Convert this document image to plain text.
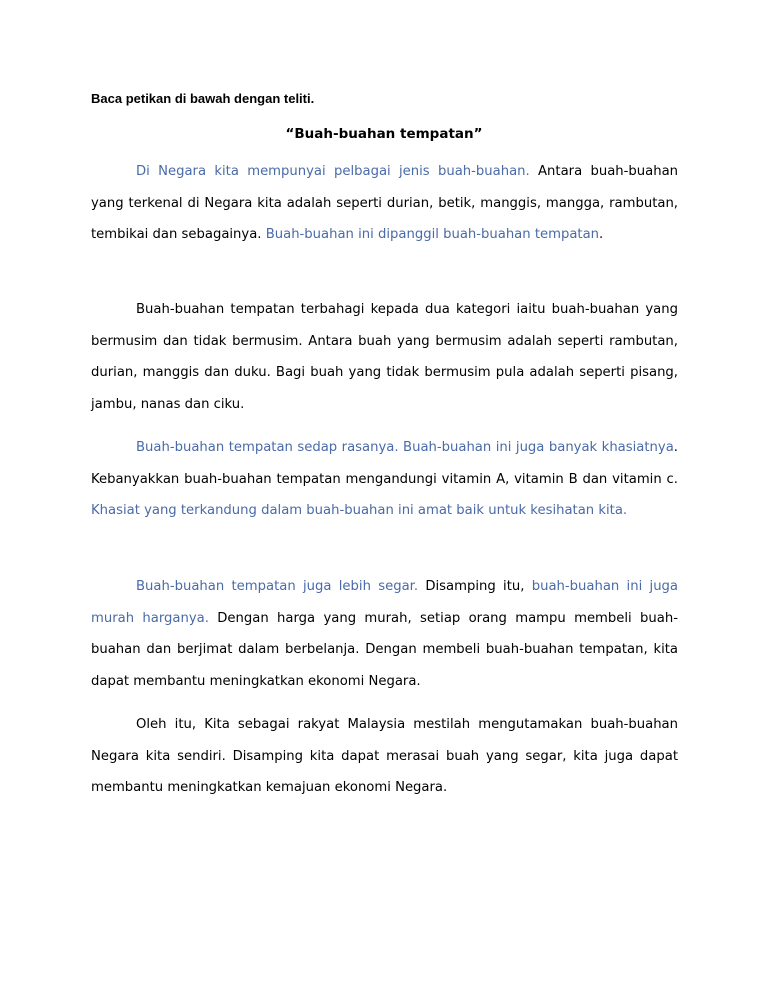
Baca petikan di bawah dengan teliti.
“Buah-buahan tempatan”

Di Negara kita mempunyai pelbagai jenis buah-buahan. Antara buah-buahan yang terkenal di Negara kita adalah seperti durian, betik, manggis, mangga, rambutan, tembikai dan sebagainya. Buah-buahan ini dipanggil buah-buahan tempatan.

Buah-buahan tempatan terbahagi kepada dua kategori iaitu buah-buahan yang bermusim dan tidak bermusim. Antara buah yang bermusim adalah seperti rambutan, durian, manggis dan duku. Bagi buah yang tidak bermusim pula adalah seperti pisang, jambu, nanas dan ciku.

Buah-buahan tempatan sedap rasanya. Buah-buahan ini juga banyak khasiatnya. Kebanyakkan buah-buahan tempatan mengandungi vitamin A, vitamin B dan vitamin c. Khasiat yang terkandung dalam buah-buahan ini amat baik untuk kesihatan kita.

Buah-buahan tempatan juga lebih segar. Disamping itu, buah-buahan ini juga murah harganya. Dengan harga yang murah, setiap orang mampu membeli buah-buahan dan berjimat dalam berbelanja. Dengan membeli buah-buahan tempatan, kita dapat membantu meningkatkan ekonomi Negara.

Oleh itu, Kita sebagai rakyat Malaysia mestilah mengutamakan buah-buahan Negara kita sendiri. Disamping kita dapat merasai buah yang segar, kita juga dapat membantu meningkatkan kemajuan ekonomi Negara.
